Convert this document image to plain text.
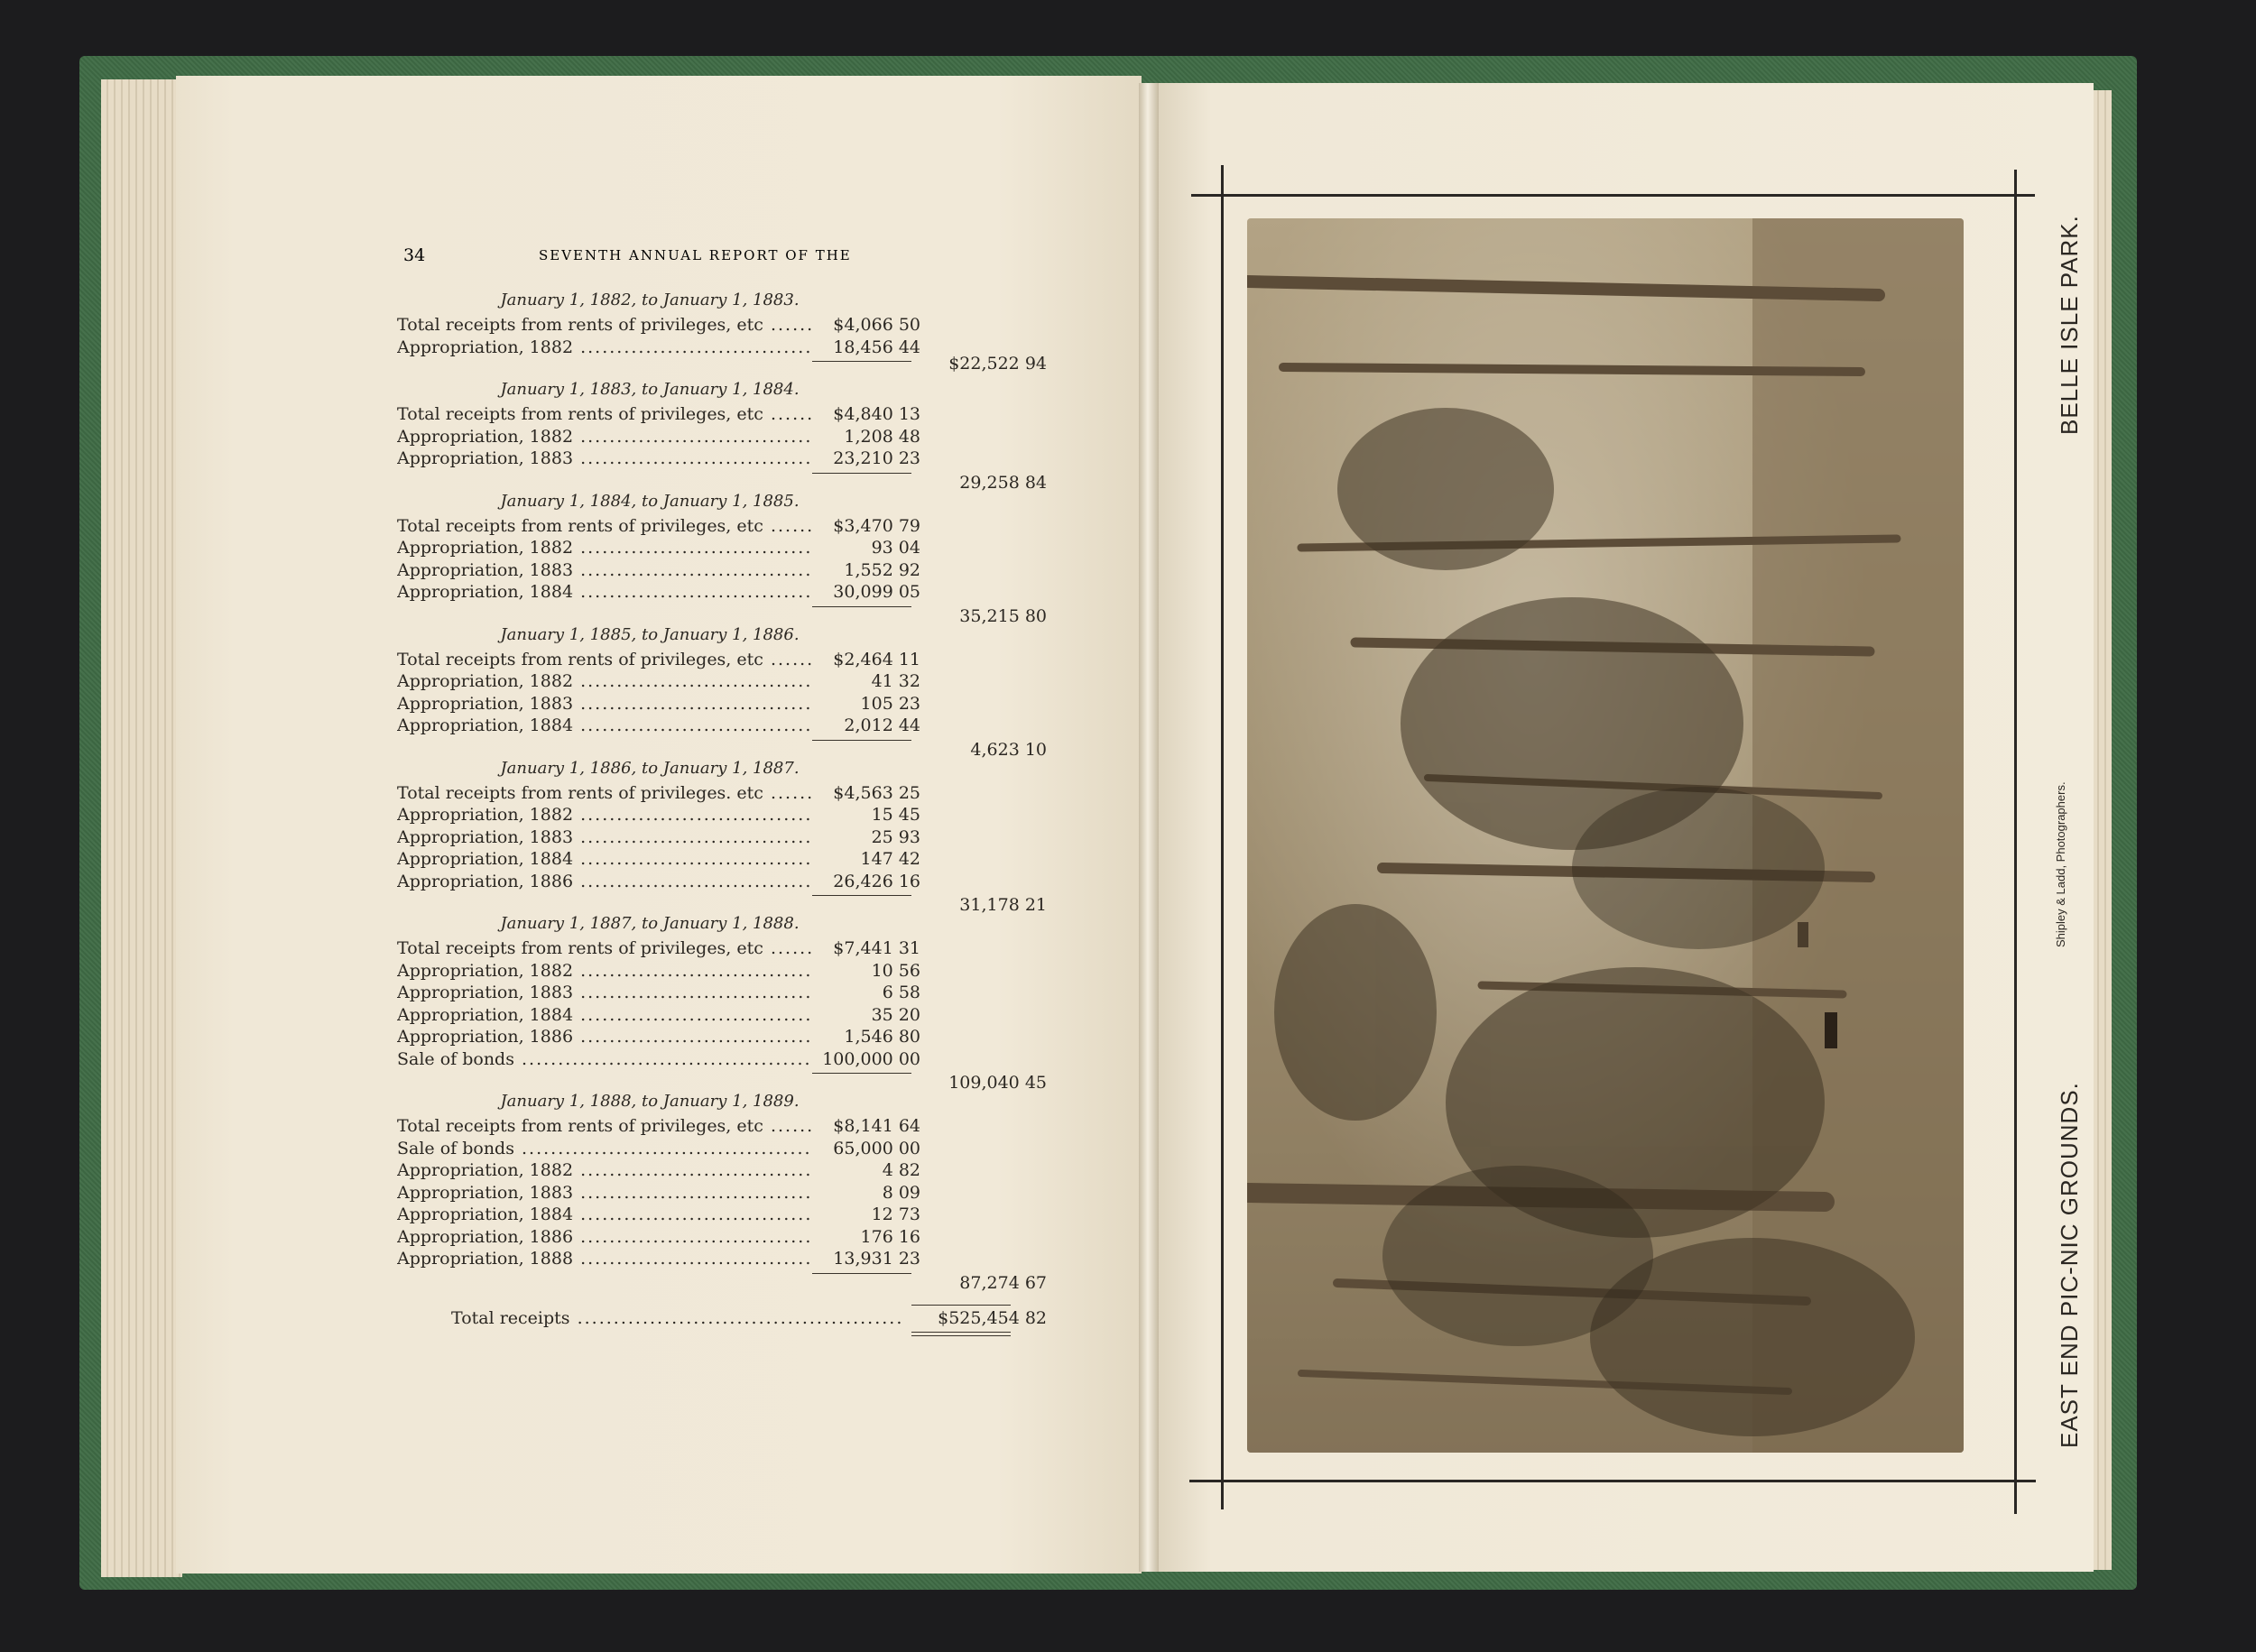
34	SEVENTH ANNUAL REPORT OF THE
January 1, 1882, to January 1, 1883.
Total receipts from rents of privileges, etc .....	$4,066 50
Appropriation, 1882 .....	18,456 44
$22,522 94
January 1, 1883, to January 1, 1884.
Total receipts from rents of privileges, etc .....	$4,840 13
Appropriation, 1882 .....	1,208 48
Appropriation, 1883 .....	23,210 23
29,258 84
January 1, 1884, to January 1, 1885.
Total receipts from rents of privileges, etc .....	$3,470 79
Appropriation, 1882 .....	93 04
Appropriation, 1883 .....	1,552 92
Appropriation, 1884 .....	30,099 05
35,215 80
January 1, 1885, to January 1, 1886.
Total receipts from rents of privileges, etc .....	$2,464 11
Appropriation, 1882 .....	41 32
Appropriation, 1883 .....	105 23
Appropriation, 1884 .....	2,012 44
4,623 10
January 1, 1886, to January 1, 1887.
Total receipts from rents of privileges. etc .....	$4,563 25
Appropriation, 1882 .....	15 45
Appropriation, 1883 .....	25 93
Appropriation, 1884 .....	147 42
Appropriation, 1886 .....	26,426 16
31,178 21
January 1, 1887, to January 1, 1888.
Total receipts from rents of privileges, etc .....	$7,441 31
Appropriation, 1882 .....	10 56
Appropriation, 1883 .....	6 58
Appropriation, 1884 .....	35 20
Appropriation, 1886 .....	1,546 80
Sale of bonds .....	100,000 00
109,040 45
January 1, 1888, to January 1, 1889.
Total receipts from rents of privileges, etc .....	$8,141 64
Sale of bonds .....	65,000 00
Appropriation, 1882 .....	4 82
Appropriation, 1883 .....	8 09
Appropriation, 1884 .....	12 73
Appropriation, 1886 .....	176 16
Appropriation, 1888 .....	13,931 23
87,274 67
Total receipts .....	$525,454 82	EAST END PIC-NIC GROUNDS.
BELLE ISLE PARK.
Shipley & Ladd, Photographers.
